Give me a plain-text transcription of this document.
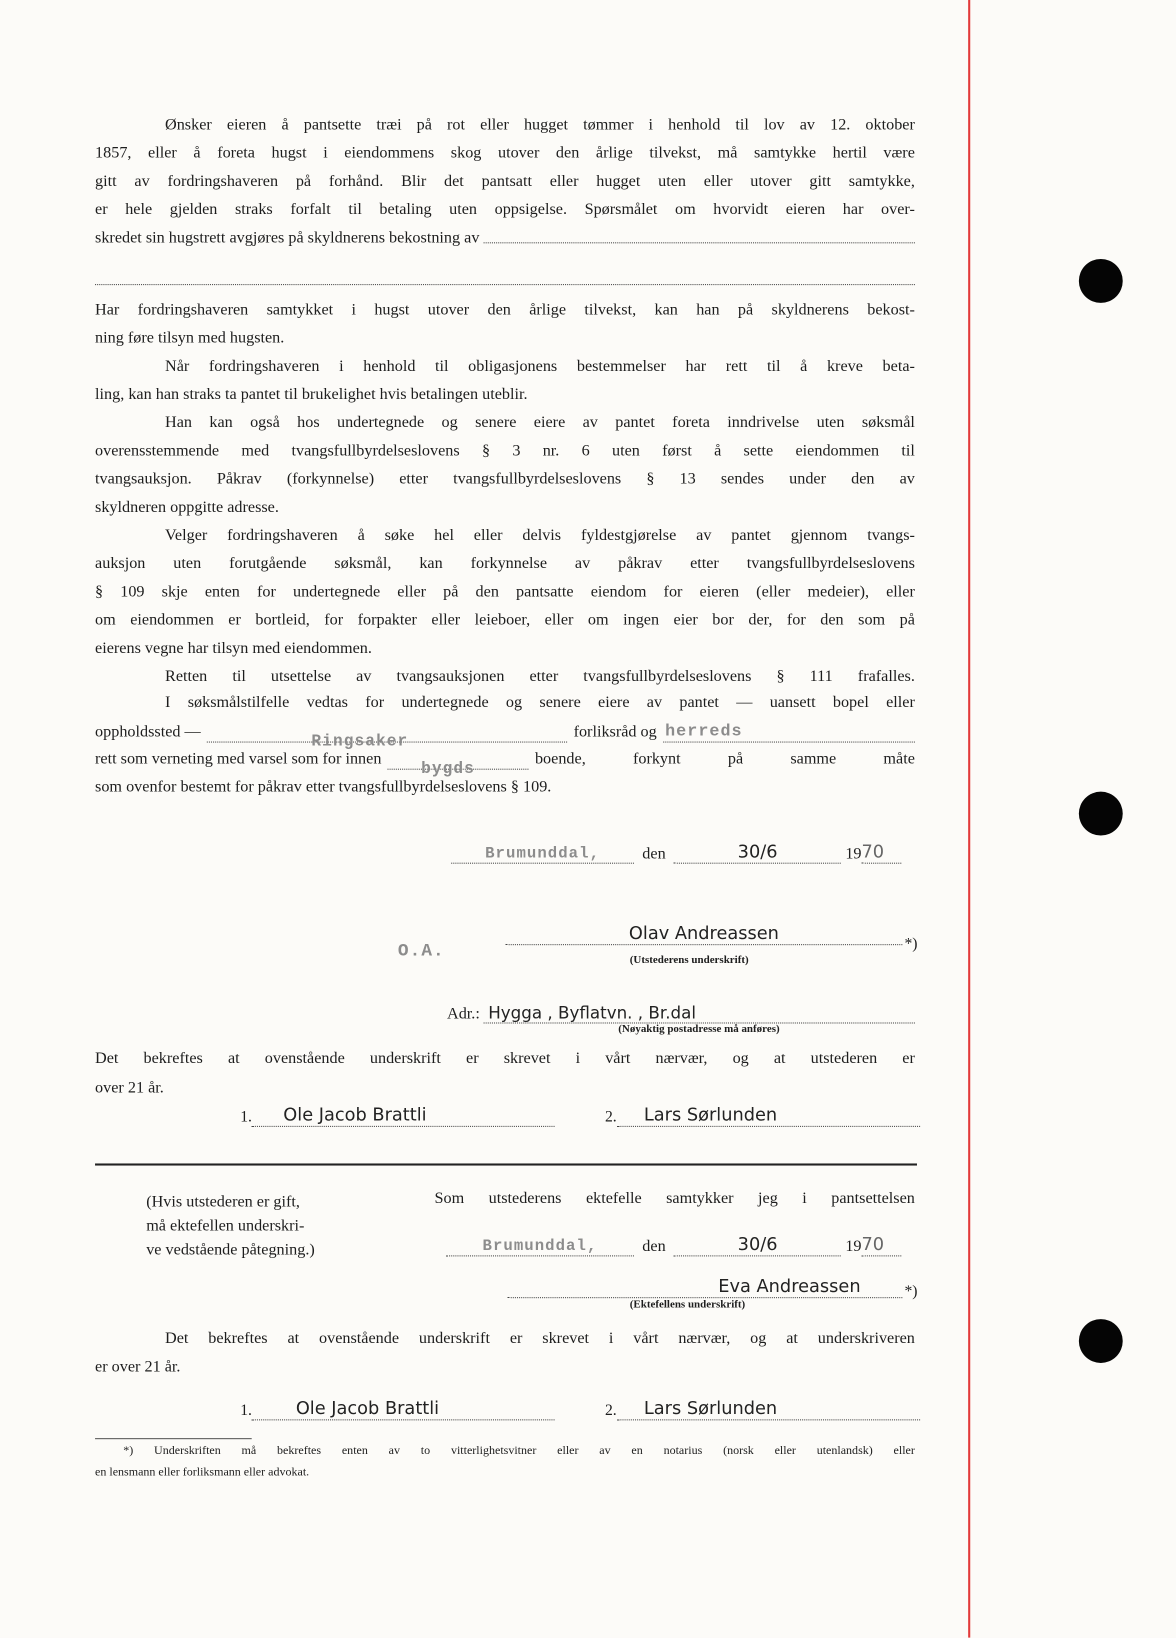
Ønsker eieren å pantsette træi på rot eller hugget tømmer i henhold til lov av 12. oktober
1857, eller å foreta hugst i eiendommens skog utover den årlige tilvekst, må samtykke hertil være
gitt av fordringshaveren på forhånd. Blir det pantsatt eller hugget uten eller utover gitt samtykke,
er hele gjelden straks forfalt til betaling uten oppsigelse. Spørsmålet om hvorvidt eieren har over-
skredet sin hugstrett avgjøres på skyldnerens bekostning av
Har fordringshaveren samtykket i hugst utover den årlige tilvekst, kan han på skyldnerens bekost-
ning føre tilsyn med hugsten.
Når fordringshaveren i henhold til obligasjonens bestemmelser har rett til å kreve beta-
ling, kan han straks ta pantet til brukelighet hvis betalingen uteblir.
Han kan også hos undertegnede og senere eiere av pantet foreta inndrivelse uten søksmål
overensstemmende med tvangsfullbyrdelseslovens § 3 nr. 6 uten først å sette eiendommen til
tvangsauksjon. Påkrav (forkynnelse) etter tvangsfullbyrdelseslovens § 13 sendes under den av
skyldneren oppgitte adresse.
Velger fordringshaveren å søke hel eller delvis fyldestgjørelse av pantet gjennom tvangs-
auksjon uten forutgående søksmål, kan forkynnelse av påkrav etter tvangsfullbyrdelseslovens
§ 109 skje enten for undertegnede eller på den pantsatte eiendom for eieren (eller medeier), eller
om eiendommen er bortleid, for forpakter eller leieboer, eller om ingen eier bor der, for den som på
eierens vegne har tilsyn med eiendommen.
Retten til utsettelse av tvangsauksjonen etter tvangsfullbyrdelseslovens § 111 frafalles.
I søksmålstilfelle vedtas for undertegnede og senere eiere av pantet — uansett bopel eller
oppholdssted —
Ringsaker
forliksråd og herreds
rett som verneting med varsel som for innen
bygds
boende, forkynt på samme måte
som ovenfor bestemt for påkrav etter tvangsfullbyrdelseslovens § 109.
Brumunddal,	den	30/6	19 70
O.A.
Olav Andreassen	*)
(Utstederens underskrift)
Adr.: Hygga , Byflatvn. , Br.dal
(Nøyaktig postadresse må anføres)
Det bekreftes at ovenstående underskrift er skrevet i vårt nærvær, og at utstederen er
over 21 år.
1.	Ole Jacob Brattli	2.	Lars Sørlunden
(Hvis utstederen er gift,
må ektefellen underskri-
ve vedstående påtegning.)
Som utstederens ektefelle samtykker jeg i pantsettelsen
Brumunddal,	den	30/6	19 70
Eva Andreassen	*)
(Ektefellens underskrift)
Det bekreftes at ovenstående underskrift er skrevet i vårt nærvær, og at underskriveren
er over 21 år.
1.	Ole Jacob Brattli	2.	Lars Sørlunden
*) Underskriften må bekreftes enten av to vitterlighetsvitner eller av en notarius (norsk eller utenlandsk) eller
en lensmann eller forliksmann eller advokat.
